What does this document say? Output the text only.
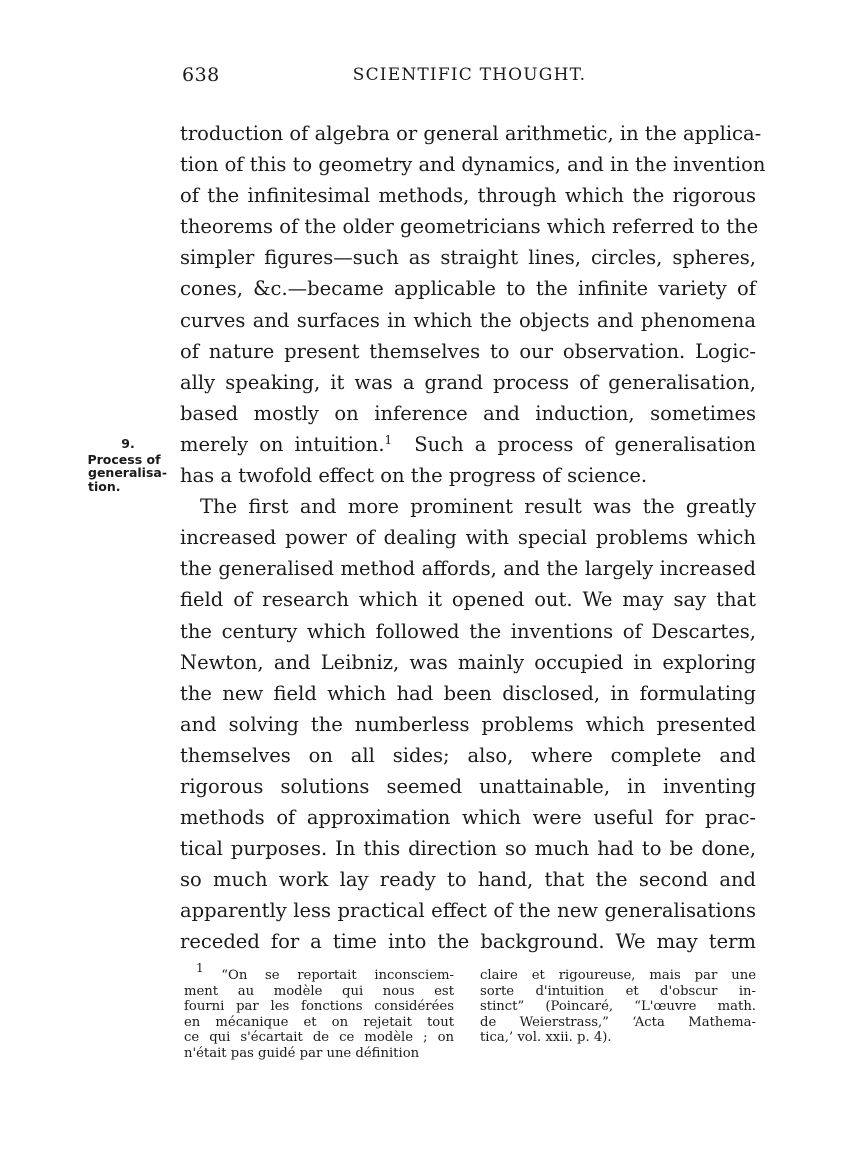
638	SCIENTIFIC THOUGHT.
9.
Process of
generalisa-
tion.
troduction of algebra or general arithmetic, in the applica-
tion of this to geometry and dynamics, and in the invention
of the infinitesimal methods, through which the rigorous
theorems of the older geometricians which referred to the
simpler figures—such as straight lines, circles, spheres,
cones, &c.—became applicable to the infinite variety of
curves and surfaces in which the objects and phenomena
of nature present themselves to our observation. Logic-
ally speaking, it was a grand process of generalisation,
based mostly on inference and induction, sometimes
merely on intuition.$^1$ Such a process of generalisation
has a twofold effect on the progress of science.
The first and more prominent result was the greatly
increased power of dealing with special problems which
the generalised method affords, and the largely increased
field of research which it opened out. We may say that
the century which followed the inventions of Descartes,
Newton, and Leibniz, was mainly occupied in exploring
the new field which had been disclosed, in formulating
and solving the numberless problems which presented
themselves on all sides; also, where complete and
rigorous solutions seemed unattainable, in inventing
methods of approximation which were useful for prac-
tical purposes. In this direction so much had to be done,
so much work lay ready to hand, that the second and
apparently less practical effect of the new generalisations
receded for a time into the background. We may term
$^1$ “On se reportait inconsciem-
ment au modèle qui nous est
fourni par les fonctions considérées
en mécanique et on rejetait tout
ce qui s'écartait de ce modèle ; on
n'était pas guidé par une définition
claire et rigoureuse, mais par une
sorte d'intuition et d'obscur in-
stinct” (Poincaré, “L'œuvre math.
de Weierstrass,” ‘Acta Mathema-
tica,’ vol. xxii. p. 4).
